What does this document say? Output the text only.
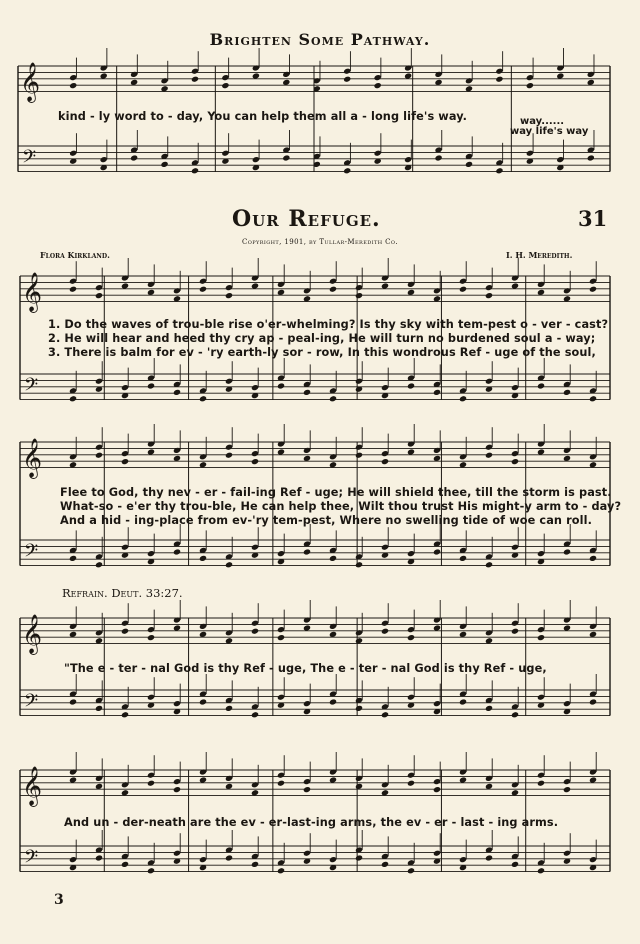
𝄞
𝄢
𝄞
𝄢
𝄞
𝄢
𝄞
𝄢
𝄞
𝄢
Brighten Some Pathway.
kind - ly word to - day, You can help them all a - long life's way.	way......
way life's way
Our Refuge.	31
Copyright, 1901, by Tullar-Meredith Co.
Flora Kirkland.	I. H. Meredith.
1. Do the waves of trou-ble rise o'er-whelming? Is thy sky with tem-pest o - ver - cast?
2. He will hear and heed thy cry ap - peal-ing, He will turn no burdened soul a - way;
3. There is balm for ev - 'ry earth-ly sor - row, In this wondrous Ref - uge of the soul,
Flee to God, thy nev - er - fail-ing Ref - uge; He will shield thee, till the storm is past.
What-so - e'er thy trou-ble, He can help thee, Wilt thou trust His might-y arm to - day?
And a hid - ing-place from ev-'ry tem-pest, Where no swelling tide of woe can roll.
Refrain. Deut. 33:27.
"The e - ter - nal God is thy Ref - uge, The e - ter - nal God is thy Ref - uge,
And un - der-neath are the ev - er-last-ing arms, the ev - er - last - ing arms.
3
